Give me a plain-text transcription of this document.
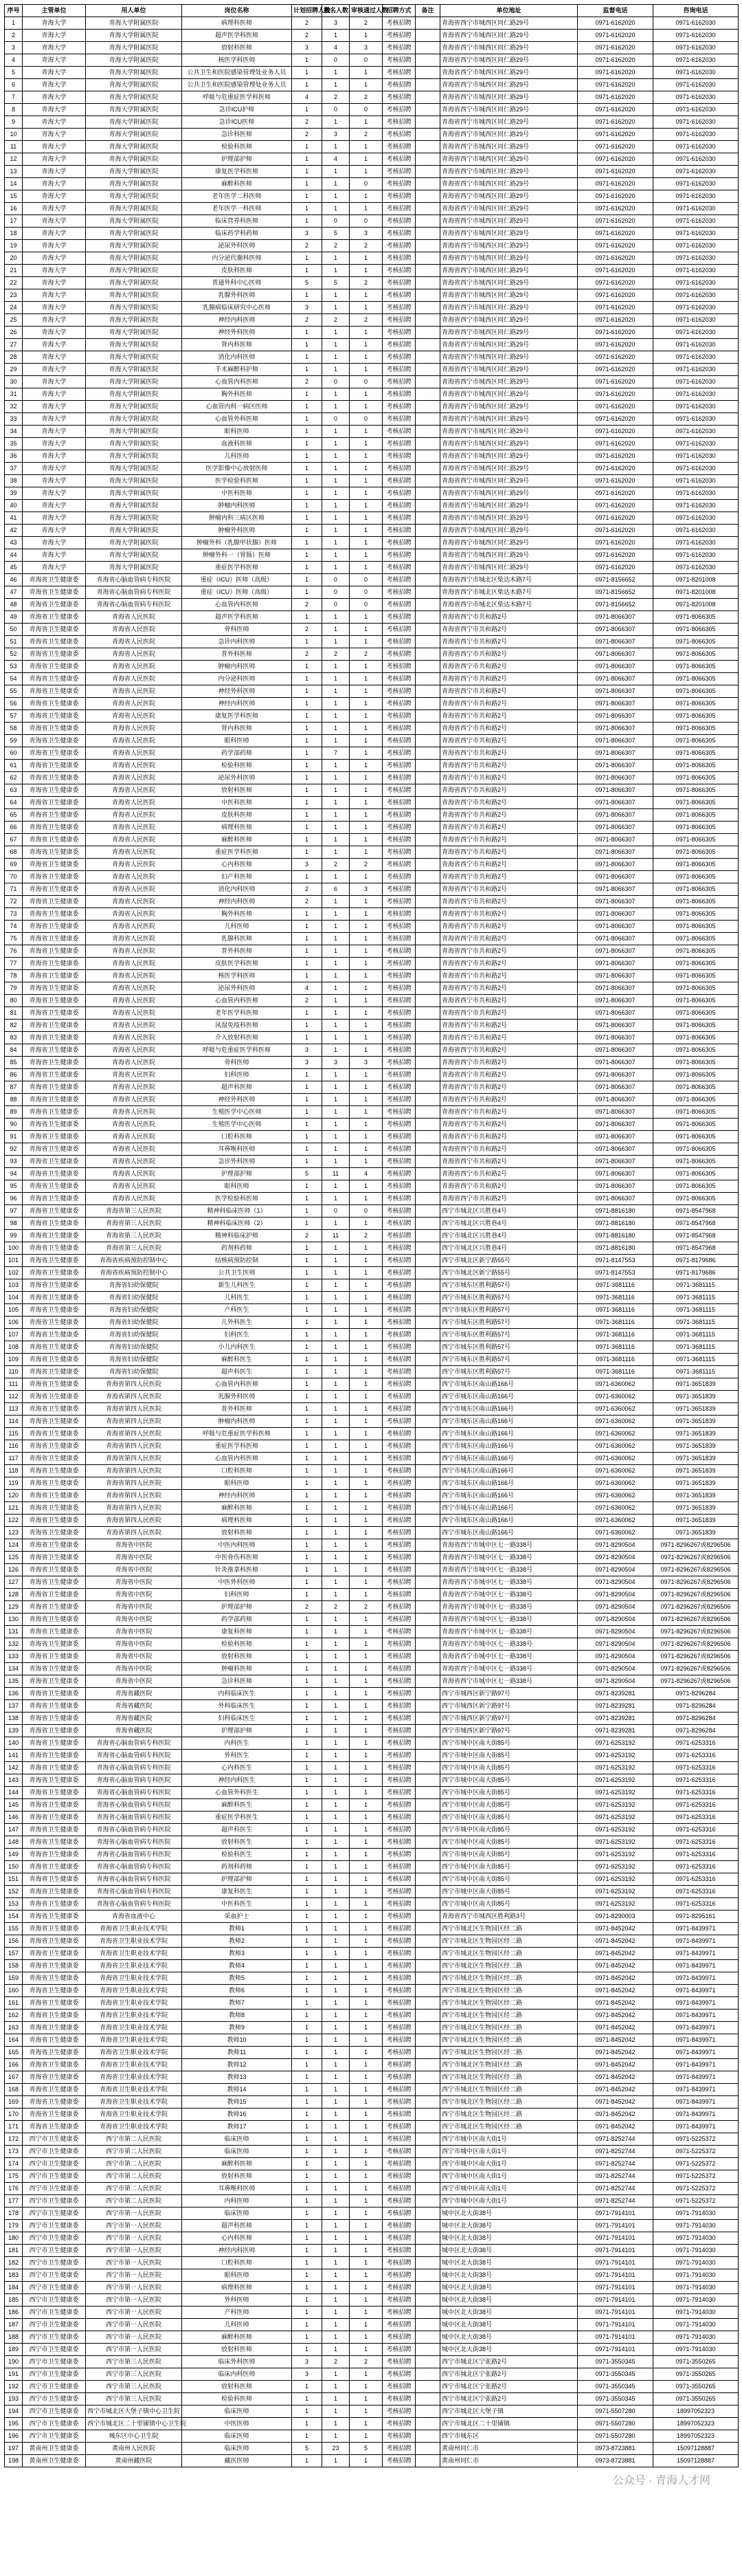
序号	主管单位	用人单位	岗位名称	计划招聘人数	报名人数	审核通过人数	招聘方式	备注	单位地址	监督电话	咨询电话
1	青海大学	青海大学附属医院	病理科医师	2	3	2	考核招聘		青海省西宁市城西区同仁路29号	0971-6162020	0971-6162030
2	青海大学	青海大学附属医院	超声医学科医师	2	1	1	考核招聘		青海省西宁市城西区同仁路29号	0971-6162020	0971-6162030
3	青海大学	青海大学附属医院	放射科医师	3	4	3	考核招聘		青海省西宁市城西区同仁路29号	0971-6162020	0971-6162030
4	青海大学	青海大学附属医院	核医学科医师	1	0	0	考核招聘		青海省西宁市城西区同仁路29号	0971-6162020	0971-6162030
5	青海大学	青海大学附属医院	公共卫生和医院感染管理处业务人员	1	1	1	考核招聘		青海省西宁市城西区同仁路29号	0971-6162020	0971-6162030
6	青海大学	青海大学附属医院	公共卫生和医院感染管理处业务人员	1	1	1	考核招聘		青海省西宁市城西区同仁路29号	0971-6162020	0971-6162030
7	青海大学	青海大学附属医院	呼吸与危重症医学科医师	4	2	2	考核招聘		青海省西宁市城西区同仁路29号	0971-6162020	0971-6162030
8	青海大学	青海大学附属医院	急诊ICU护师	1	0	0	考核招聘		青海省西宁市城西区同仁路29号	0971-6162020	0971-6162030
9	青海大学	青海大学附属医院	急诊ICU医师	2	1	1	考核招聘		青海省西宁市城西区同仁路29号	0971-6162020	0971-6162030
10	青海大学	青海大学附属医院	急诊科医师	2	3	2	考核招聘		青海省西宁市城西区同仁路29号	0971-6162020	0971-6162030
11	青海大学	青海大学附属医院	检验科医师	1	1	1	考核招聘		青海省西宁市城西区同仁路29号	0971-6162020	0971-6162030
12	青海大学	青海大学附属医院	护理部护师	1	4	1	考核招聘		青海省西宁市城西区同仁路29号	0971-6162020	0971-6162030
13	青海大学	青海大学附属医院	康复医学科医师	1	1	1	考核招聘		青海省西宁市城西区同仁路29号	0971-6162020	0971-6162030
14	青海大学	青海大学附属医院	麻醉科医师	1	1	0	考核招聘		青海省西宁市城西区同仁路29号	0971-6162020	0971-6162030
15	青海大学	青海大学附属医院	老年医学二科医师	1	1	1	考核招聘		青海省西宁市城西区同仁路29号	0971-6162020	0971-6162030
16	青海大学	青海大学附属医院	老年医学一科医师	1	1	1	考核招聘		青海省西宁市城西区同仁路29号	0971-6162020	0971-6162030
17	青海大学	青海大学附属医院	临床营养科医师	1	0	0	考核招聘		青海省西宁市城西区同仁路29号	0971-6162020	0971-6162030
18	青海大学	青海大学附属医院	临床药学科药师	3	5	3	考核招聘		青海省西宁市城西区同仁路29号	0971-6162020	0971-6162030
19	青海大学	青海大学附属医院	泌尿外科医师	2	2	2	考核招聘		青海省西宁市城西区同仁路29号	0971-6162020	0971-6162030
20	青海大学	青海大学附属医院	内分泌代谢科医师	1	1	1	考核招聘		青海省西宁市城西区同仁路29号	0971-6162020	0971-6162030
21	青海大学	青海大学附属医院	皮肤科医师	1	1	1	考核招聘		青海省西宁市城西区同仁路29号	0971-6162020	0971-6162030
22	青海大学	青海大学附属医院	普通外科中心医师	5	5	2	考核招聘		青海省西宁市城西区同仁路29号	0971-6162020	0971-6162030
23	青海大学	青海大学附属医院	乳腺外科医师	1	1	1	考核招聘		青海省西宁市城西区同仁路29号	0971-6162020	0971-6162030
24	青海大学	青海大学附属医院	乳腺病临床研究中心医师	3	1	1	考核招聘		青海省西宁市城西区同仁路29号	0971-6162020	0971-6162030
25	青海大学	青海大学附属医院	神经内科医师	2	2	2	考核招聘		青海省西宁市城西区同仁路29号	0971-6162020	0971-6162030
26	青海大学	青海大学附属医院	神经外科医师	1	1	1	考核招聘		青海省西宁市城西区同仁路29号	0971-6162020	0971-6162030
27	青海大学	青海大学附属医院	肾内科医师	1	1	1	考核招聘		青海省西宁市城西区同仁路29号	0971-6162020	0971-6162030
28	青海大学	青海大学附属医院	消化内科医师	1	1	1	考核招聘		青海省西宁市城西区同仁路29号	0971-6162020	0971-6162030
29	青海大学	青海大学附属医院	手术麻醉科护师	1	1	1	考核招聘		青海省西宁市城西区同仁路29号	0971-6162020	0971-6162030
30	青海大学	青海大学附属医院	心血管内科医师	2	0	0	考核招聘		青海省西宁市城西区同仁路29号	0971-6162020	0971-6162030
31	青海大学	青海大学附属医院	胸外科医师	1	1	1	考核招聘		青海省西宁市城西区同仁路29号	0971-6162020	0971-6162030
32	青海大学	青海大学附属医院	心血管内科一病区医师	1	1	1	考核招聘		青海省西宁市城西区同仁路29号	0971-6162020	0971-6162030
33	青海大学	青海大学附属医院	心血管外科医师	1	0	0	考核招聘		青海省西宁市城西区同仁路29号	0971-6162020	0971-6162030
34	青海大学	青海大学附属医院	眼科医师	1	1	1	考核招聘		青海省西宁市城西区同仁路29号	0971-6162020	0971-6162030
35	青海大学	青海大学附属医院	血液科医师	1	1	1	考核招聘		青海省西宁市城西区同仁路29号	0971-6162020	0971-6162030
36	青海大学	青海大学附属医院	儿科医师	1	1	1	考核招聘		青海省西宁市城西区同仁路29号	0971-6162020	0971-6162030
37	青海大学	青海大学附属医院	医学影像中心放射医师	1	1	1	考核招聘		青海省西宁市城西区同仁路29号	0971-6162020	0971-6162030
38	青海大学	青海大学附属医院	医学检验科医师	1	1	1	考核招聘		青海省西宁市城西区同仁路29号	0971-6162020	0971-6162030
39	青海大学	青海大学附属医院	中医科医师	1	1	1	考核招聘		青海省西宁市城西区同仁路29号	0971-6162020	0971-6162030
40	青海大学	青海大学附属医院	肿瘤内科医师	1	1	1	考核招聘		青海省西宁市城西区同仁路29号	0971-6162020	0971-6162030
41	青海大学	青海大学附属医院	肿瘤内科三病区医师	1	1	1	考核招聘		青海省西宁市城西区同仁路29号	0971-6162020	0971-6162030
42	青海大学	青海大学附属医院	肿瘤外科医师	1	1	1	考核招聘		青海省西宁市城西区同仁路29号	0971-6162020	0971-6162030
43	青海大学	青海大学附属医院	肿瘤外科（乳腺甲状腺）医师	1	1	1	考核招聘		青海省西宁市城西区同仁路29号	0971-6162020	0971-6162030
44	青海大学	青海大学附属医院	肿瘤外科一（胃肠）医师	1	1	1	考核招聘		青海省西宁市城西区同仁路29号	0971-6162020	0971-6162030
45	青海大学	青海大学附属医院	重症医学科医师	1	1	1	考核招聘		青海省西宁市城西区同仁路29号	0971-6162020	0971-6162030
46	青海省卫生健康委	青海省心脑血管病专科医院	重症（ICU）医师（高级）	1	0	0	考核招聘		青海省西宁市城北区柴达木路7号	0971-8156652	0971-8201008
47	青海省卫生健康委	青海省心脑血管病专科医院	重症（ICU）医师（高级）	1	0	0	考核招聘		青海省西宁市城北区柴达木路7号	0971-8156652	0971-8201008
48	青海省卫生健康委	青海省心脑血管病专科医院	心血管内科医师	2	0	0	考核招聘		青海省西宁市城北区柴达木路7号	0971-8156652	0971-8201008
49	青海省卫生健康委	青海省人民医院	超声医学科医师	1	1	1	考核招聘		青海省西宁市共和路2号	0971-8066307	0971-8066305
50	青海省卫生健康委	青海省人民医院	骨科医师	2	1	1	考核招聘		青海省西宁市共和路2号	0971-8066307	0971-8066305
51	青海省卫生健康委	青海省人民医院	急诊内科医师	1	1	1	考核招聘		青海省西宁市共和路2号	0971-8066307	0971-8066305
52	青海省卫生健康委	青海省人民医院	普外科医师	2	2	2	考核招聘		青海省西宁市共和路2号	0971-8066307	0971-8066305
53	青海省卫生健康委	青海省人民医院	肿瘤内科医师	1	1	1	考核招聘		青海省西宁市共和路2号	0971-8066307	0971-8066305
54	青海省卫生健康委	青海省人民医院	内分泌科医师	1	1	1	考核招聘		青海省西宁市共和路2号	0971-8066307	0971-8066305
55	青海省卫生健康委	青海省人民医院	神经外科医师	1	1	1	考核招聘		青海省西宁市共和路2号	0971-8066307	0971-8066305
56	青海省卫生健康委	青海省人民医院	神经内科医师	1	1	1	考核招聘		青海省西宁市共和路2号	0971-8066307	0971-8066305
57	青海省卫生健康委	青海省人民医院	康复医学科医师	1	1	1	考核招聘		青海省西宁市共和路2号	0971-8066307	0971-8066305
58	青海省卫生健康委	青海省人民医院	肾内科医师	1	1	1	考核招聘		青海省西宁市共和路2号	0971-8066307	0971-8066305
59	青海省卫生健康委	青海省人民医院	眼科医师	1	1	1	考核招聘		青海省西宁市共和路2号	0971-8066307	0971-8066305
60	青海省卫生健康委	青海省人民医院	药学部药师	1	7	1	考核招聘		青海省西宁市共和路2号	0971-8066307	0971-8066305
61	青海省卫生健康委	青海省人民医院	检验科医师	1	1	1	考核招聘		青海省西宁市共和路2号	0971-8066307	0971-8066305
62	青海省卫生健康委	青海省人民医院	泌尿外科医师	1	1	1	考核招聘		青海省西宁市共和路2号	0971-8066307	0971-8066305
63	青海省卫生健康委	青海省人民医院	放射科医师	1	1	1	考核招聘		青海省西宁市共和路2号	0971-8066307	0971-8066305
64	青海省卫生健康委	青海省人民医院	中医科医师	1	1	1	考核招聘		青海省西宁市共和路2号	0971-8066307	0971-8066305
65	青海省卫生健康委	青海省人民医院	皮肤科医师	1	1	1	考核招聘		青海省西宁市共和路2号	0971-8066307	0971-8066305
66	青海省卫生健康委	青海省人民医院	病理科医师	1	1	1	考核招聘		青海省西宁市共和路2号	0971-8066307	0971-8066305
67	青海省卫生健康委	青海省人民医院	麻醉科医师	1	1	1	考核招聘		青海省西宁市共和路2号	0971-8066307	0971-8066305
68	青海省卫生健康委	青海省人民医院	重症医学科医师	1	1	1	考核招聘		青海省西宁市共和路2号	0971-8066307	0971-8066305
69	青海省卫生健康委	青海省人民医院	心内科医师	3	2	2	考核招聘		青海省西宁市共和路2号	0971-8066307	0971-8066305
70	青海省卫生健康委	青海省人民医院	妇产科医师	1	1	1	考核招聘		青海省西宁市共和路2号	0971-8066307	0971-8066305
71	青海省卫生健康委	青海省人民医院	消化内科医师	2	6	3	考核招聘		青海省西宁市共和路2号	0971-8066307	0971-8066305
72	青海省卫生健康委	青海省人民医院	神经内科医师	2	1	1	考核招聘		青海省西宁市共和路2号	0971-8066307	0971-8066305
73	青海省卫生健康委	青海省人民医院	胸外科医师	1	1	1	考核招聘		青海省西宁市共和路2号	0971-8066307	0971-8066305
74	青海省卫生健康委	青海省人民医院	儿科医师	1	1	1	考核招聘		青海省西宁市共和路2号	0971-8066307	0971-8066305
75	青海省卫生健康委	青海省人民医院	乳腺科医师	1	1	1	考核招聘		青海省西宁市共和路2号	0971-8066307	0971-8066305
76	青海省卫生健康委	青海省人民医院	普外科医师	1	1	1	考核招聘		青海省西宁市共和路2号	0971-8066307	0971-8066305
77	青海省卫生健康委	青海省人民医院	皮肤医学科医师	1	1	1	考核招聘		青海省西宁市共和路2号	0971-8066307	0971-8066305
78	青海省卫生健康委	青海省人民医院	核医学科医师	1	1	1	考核招聘		青海省西宁市共和路2号	0971-8066307	0971-8066305
79	青海省卫生健康委	青海省人民医院	泌尿外科医师	4	1	1	考核招聘		青海省西宁市共和路2号	0971-8066307	0971-8066305
80	青海省卫生健康委	青海省人民医院	心血管内科医师	2	1	1	考核招聘		青海省西宁市共和路2号	0971-8066307	0971-8066305
81	青海省卫生健康委	青海省人民医院	老年医学科医师	1	1	1	考核招聘		青海省西宁市共和路2号	0971-8066307	0971-8066305
82	青海省卫生健康委	青海省人民医院	风湿免疫科医师	1	1	1	考核招聘		青海省西宁市共和路2号	0971-8066307	0971-8066305
83	青海省卫生健康委	青海省人民医院	介入放射科医师	1	1	1	考核招聘		青海省西宁市共和路2号	0971-8066307	0971-8066305
84	青海省卫生健康委	青海省人民医院	呼吸与危重症医学科医师	3	1	1	考核招聘		青海省西宁市共和路2号	0971-8066307	0971-8066305
85	青海省卫生健康委	青海省人民医院	骨科医师	3	3	3	考核招聘		青海省西宁市共和路2号	0971-8066307	0971-8066305
86	青海省卫生健康委	青海省人民医院	妇科医师	1	1	1	考核招聘		青海省西宁市共和路2号	0971-8066307	0971-8066305
87	青海省卫生健康委	青海省人民医院	超声科医师	1	1	1	考核招聘		青海省西宁市共和路2号	0971-8066307	0971-8066305
88	青海省卫生健康委	青海省人民医院	神经外科医师	1	1	1	考核招聘		青海省西宁市共和路2号	0971-8066307	0971-8066305
89	青海省卫生健康委	青海省人民医院	生殖医学中心医师	1	1	1	考核招聘		青海省西宁市共和路2号	0971-8066307	0971-8066305
90	青海省卫生健康委	青海省人民医院	生殖医学中心医师	1	1	1	考核招聘		青海省西宁市共和路2号	0971-8066307	0971-8066305
91	青海省卫生健康委	青海省人民医院	口腔科医师	1	1	1	考核招聘		青海省西宁市共和路2号	0971-8066307	0971-8066305
92	青海省卫生健康委	青海省人民医院	耳鼻喉科医师	1	1	1	考核招聘		青海省西宁市共和路2号	0971-8066307	0971-8066305
93	青海省卫生健康委	青海省人民医院	急诊外科医师	1	1	1	考核招聘		青海省西宁市共和路2号	0971-8066307	0971-8066305
94	青海省卫生健康委	青海省人民医院	护理部护师	5	11	4	考核招聘		青海省西宁市共和路2号	0971-8066307	0971-8066305
95	青海省卫生健康委	青海省人民医院	眼科医师	1	1	1	考核招聘		青海省西宁市共和路2号	0971-8066307	0971-8066305
96	青海省卫生健康委	青海省人民医院	医学检验科医师	1	1	1	考核招聘		青海省西宁市共和路2号	0971-8066307	0971-8066305
97	青海省卫生健康委	青海省第三人民医院	精神科临床医师（1）	1	0	0	考核招聘		西宁市城北区兴胜巷4号	0971-8816180	0971-8547968
98	青海省卫生健康委	青海省第三人民医院	精神科临床医师（2）	1	1	1	考核招聘		西宁市城北区兴胜巷4号	0971-8816180	0971-8547968
99	青海省卫生健康委	青海省第三人民医院	精神科临床护师	2	11	2	考核招聘		西宁市城北区兴胜巷4号	0971-8816180	0971-8547968
100	青海省卫生健康委	青海省第三人民医院	药剂科药师	1	1	1	考核招聘		西宁市城北区兴胜巷4号	0971-8816180	0971-8547968
101	青海省卫生健康委	青海省疾病预防控制中心	结核病预防控制	1	1	1	考核招聘		西宁市城北区新宁路55号	0971-8147553	0971-8179686
102	青海省卫生健康委	青海省疾病预防控制中心	公共卫生医师	1	1	1	考核招聘		西宁市城北区新宁路55号	0971-8147553	0971-8179686
103	青海省卫生健康委	青海省妇幼保健院	新生儿科医生	1	1	1	考核招聘		西宁市城东区胜利路57号	0971-3681116	0971-3681115
104	青海省卫生健康委	青海省妇幼保健院	儿科医生	1	1	1	考核招聘		西宁市城东区胜利路57号	0971-3681116	0971-3681115
105	青海省卫生健康委	青海省妇幼保健院	产科医生	1	1	1	考核招聘		西宁市城东区胜利路57号	0971-3681116	0971-3681115
106	青海省卫生健康委	青海省妇幼保健院	儿外科医生	1	1	1	考核招聘		西宁市城东区胜利路57号	0971-3681116	0971-3681115
107	青海省卫生健康委	青海省妇幼保健院	妇科医生	1	1	1	考核招聘		西宁市城东区胜利路57号	0971-3681116	0971-3681115
108	青海省卫生健康委	青海省妇幼保健院	小儿内科医生	1	1	1	考核招聘		西宁市城东区胜利路57号	0971-3681116	0971-3681115
109	青海省卫生健康委	青海省妇幼保健院	麻醉科医生	1	1	1	考核招聘		西宁市城东区胜利路57号	0971-3681116	0971-3681115
110	青海省卫生健康委	青海省妇幼保健院	超声科医生	1	1	1	考核招聘		西宁市城东区胜利路57号	0971-3681116	0971-3681115
111	青海省卫生健康委	青海省第四人民医院	心血管内科医师	1	1	1	考核招聘		西宁市城东区南山路166号	0971-6360062	0971-3651839
112	青海省卫生健康委	青海省第四人民医院	乳腺外科医师	1	1	1	考核招聘		西宁市城东区南山路166号	0971-6360062	0971-3651839
113	青海省卫生健康委	青海省第四人民医院	普外科医师	1	1	1	考核招聘		西宁市城东区南山路166号	0971-6360062	0971-3651839
114	青海省卫生健康委	青海省第四人民医院	肿瘤内科医师	1	1	1	考核招聘		西宁市城东区南山路166号	0971-6360062	0971-3651839
115	青海省卫生健康委	青海省第四人民医院	呼吸与危重症医学科医师	1	1	1	考核招聘		西宁市城东区南山路166号	0971-6360062	0971-3651839
116	青海省卫生健康委	青海省第四人民医院	重症医学科医师	1	1	1	考核招聘		西宁市城东区南山路166号	0971-6360062	0971-3651839
117	青海省卫生健康委	青海省第四人民医院	心血管内科医师	1	1	1	考核招聘		西宁市城东区南山路166号	0971-6360062	0971-3651839
118	青海省卫生健康委	青海省第四人民医院	口腔科医师	1	1	1	考核招聘		西宁市城东区南山路166号	0971-6360062	0971-3651839
119	青海省卫生健康委	青海省第四人民医院	眼科医师	1	1	1	考核招聘		西宁市城东区南山路166号	0971-6360062	0971-3651839
120	青海省卫生健康委	青海省第四人民医院	神经内科医师	1	1	1	考核招聘		西宁市城东区南山路166号	0971-6360062	0971-3651839
121	青海省卫生健康委	青海省第四人民医院	麻醉科医师	1	1	1	考核招聘		西宁市城东区南山路166号	0971-6360062	0971-3651839
122	青海省卫生健康委	青海省第四人民医院	病理科医师	1	1	1	考核招聘		西宁市城东区南山路166号	0971-6360062	0971-3651839
123	青海省卫生健康委	青海省第四人民医院	放射科医师	1	1	1	考核招聘		西宁市城东区南山路166号	0971-6360062	0971-3651839
124	青海省卫生健康委	青海省中医院	中医内科医师	1	1	1	考核招聘		青海省西宁市城中区七一路338号	0971-8290504	0971-8296267或8296506
125	青海省卫生健康委	青海省中医院	中医骨伤科医师	1	1	1	考核招聘		青海省西宁市城中区七一路338号	0971-8290504	0971-8296267或8296506
126	青海省卫生健康委	青海省中医院	针灸推拿科医师	1	1	1	考核招聘		青海省西宁市城中区七一路338号	0971-8290504	0971-8296267或8296506
127	青海省卫生健康委	青海省中医院	中医外科医师	1	1	1	考核招聘		青海省西宁市城中区七一路338号	0971-8290504	0971-8296267或8296506
128	青海省卫生健康委	青海省中医院	妇科医师	1	1	1	考核招聘		青海省西宁市城中区七一路338号	0971-8290504	0971-8296267或8296506
129	青海省卫生健康委	青海省中医院	护理部护师	2	2	2	考核招聘		青海省西宁市城中区七一路338号	0971-8290504	0971-8296267或8296506
130	青海省卫生健康委	青海省中医院	药学部药师	1	1	1	考核招聘		青海省西宁市城中区七一路338号	0971-8290504	0971-8296267或8296506
131	青海省卫生健康委	青海省中医院	康复科医师	1	1	1	考核招聘		青海省西宁市城中区七一路338号	0971-8290504	0971-8296267或8296506
132	青海省卫生健康委	青海省中医院	检验科医师	1	1	1	考核招聘		青海省西宁市城中区七一路338号	0971-8290504	0971-8296267或8296506
133	青海省卫生健康委	青海省中医院	放射科医师	1	1	1	考核招聘		青海省西宁市城中区七一路338号	0971-8290504	0971-8296267或8296506
134	青海省卫生健康委	青海省中医院	肿瘤科医师	1	1	1	考核招聘		青海省西宁市城中区七一路338号	0971-8290504	0971-8296267或8296506
135	青海省卫生健康委	青海省中医院	急诊科医师	1	1	1	考核招聘		青海省西宁市城中区七一路338号	0971-8290504	0971-8296267或8296506
136	青海省卫生健康委	青海省藏医院	内科临床医生	1	1	1	考核招聘		西宁市城西区新宁路97号	0971-8239281	0971-8296284
137	青海省卫生健康委	青海省藏医院	外科临床医生	1	1	1	考核招聘		西宁市城西区新宁路97号	0971-8239281	0971-8296284
138	青海省卫生健康委	青海省藏医院	妇科临床医生	1	1	1	考核招聘		西宁市城西区新宁路97号	0971-8239281	0971-8296284
139	青海省卫生健康委	青海省藏医院	护理部护师	1	1	1	考核招聘		西宁市城西区新宁路97号	0971-8239281	0971-8296284
140	青海省卫生健康委	青海省心脑血管病专科医院	内科医生	1	1	1	考核招聘		西宁市城中区南大街85号	0971-6253192	0971-6253316
141	青海省卫生健康委	青海省心脑血管病专科医院	外科医生	1	1	1	考核招聘		西宁市城中区南大街85号	0971-6253192	0971-6253316
142	青海省卫生健康委	青海省心脑血管病专科医院	心内科医生	1	1	1	考核招聘		西宁市城中区南大街85号	0971-6253192	0971-6253316
143	青海省卫生健康委	青海省心脑血管病专科医院	神经内科医生	1	1	1	考核招聘		西宁市城中区南大街85号	0971-6253192	0971-6253316
144	青海省卫生健康委	青海省心脑血管病专科医院	心血管外科医生	1	1	1	考核招聘		西宁市城中区南大街85号	0971-6253192	0971-6253316
145	青海省卫生健康委	青海省心脑血管病专科医院	麻醉科医生	1	1	1	考核招聘		西宁市城中区南大街85号	0971-6253192	0971-6253316
146	青海省卫生健康委	青海省心脑血管病专科医院	重症医学科医生	1	1	1	考核招聘		西宁市城中区南大街85号	0971-6253192	0971-6253316
147	青海省卫生健康委	青海省心脑血管病专科医院	超声科医生	1	1	1	考核招聘		西宁市城中区南大街85号	0971-6253192	0971-6253316
148	青海省卫生健康委	青海省心脑血管病专科医院	放射科医生	1	1	1	考核招聘		西宁市城中区南大街85号	0971-6253192	0971-6253316
149	青海省卫生健康委	青海省心脑血管病专科医院	检验科医生	1	1	1	考核招聘		西宁市城中区南大街85号	0971-6253192	0971-6253316
150	青海省卫生健康委	青海省心脑血管病专科医院	药剂科药师	1	1	1	考核招聘		西宁市城中区南大街85号	0971-6253192	0971-6253316
151	青海省卫生健康委	青海省心脑血管病专科医院	护理部护师	1	1	1	考核招聘		西宁市城中区南大街85号	0971-6253192	0971-6253316
152	青海省卫生健康委	青海省心脑血管病专科医院	康复科医生	1	1	1	考核招聘		西宁市城中区南大街85号	0971-6253192	0971-6253316
153	青海省卫生健康委	青海省心脑血管病专科医院	中医科医生	1	1	1	考核招聘		西宁市城中区南大街85号	0971-6253192	0971-6253316
154	青海省卫生健康委	青海省血液中心	采血护士	1	1	1	考核招聘		青海省西宁市城西区胜利路3号	0971-8290003	0971-8295161
155	青海省卫生健康委	青海省卫生职业技术学院	教师1	1	1	1	考核招聘		西宁市城北区生物园区经二路	0971-8452042	0971-8439971
156	青海省卫生健康委	青海省卫生职业技术学院	教师2	1	1	1	考核招聘		西宁市城北区生物园区经二路	0971-8452042	0971-8439971
157	青海省卫生健康委	青海省卫生职业技术学院	教师3	1	1	1	考核招聘		西宁市城北区生物园区经二路	0971-8452042	0971-8439971
158	青海省卫生健康委	青海省卫生职业技术学院	教师4	1	1	1	考核招聘		西宁市城北区生物园区经二路	0971-8452042	0971-8439971
159	青海省卫生健康委	青海省卫生职业技术学院	教师5	1	1	1	考核招聘		西宁市城北区生物园区经二路	0971-8452042	0971-8439971
160	青海省卫生健康委	青海省卫生职业技术学院	教师6	1	1	1	考核招聘		西宁市城北区生物园区经二路	0971-8452042	0971-8439971
161	青海省卫生健康委	青海省卫生职业技术学院	教师7	1	1	1	考核招聘		西宁市城北区生物园区经二路	0971-8452042	0971-8439971
162	青海省卫生健康委	青海省卫生职业技术学院	教师8	1	1	1	考核招聘		西宁市城北区生物园区经二路	0971-8452042	0971-8439971
163	青海省卫生健康委	青海省卫生职业技术学院	教师9	1	1	1	考核招聘		西宁市城北区生物园区经二路	0971-8452042	0971-8439971
164	青海省卫生健康委	青海省卫生职业技术学院	教师10	1	1	1	考核招聘		西宁市城北区生物园区经二路	0971-8452042	0971-8439971
165	青海省卫生健康委	青海省卫生职业技术学院	教师11	1	1	1	考核招聘		西宁市城北区生物园区经二路	0971-8452042	0971-8439971
166	青海省卫生健康委	青海省卫生职业技术学院	教师12	1	1	1	考核招聘		西宁市城北区生物园区经二路	0971-8452042	0971-8439971
167	青海省卫生健康委	青海省卫生职业技术学院	教师13	1	1	1	考核招聘		西宁市城北区生物园区经二路	0971-8452042	0971-8439971
168	青海省卫生健康委	青海省卫生职业技术学院	教师14	1	1	1	考核招聘		西宁市城北区生物园区经二路	0971-8452042	0971-8439971
169	青海省卫生健康委	青海省卫生职业技术学院	教师15	1	1	1	考核招聘		西宁市城北区生物园区经二路	0971-8452042	0971-8439971
170	青海省卫生健康委	青海省卫生职业技术学院	教师16	1	1	1	考核招聘		西宁市城北区生物园区经二路	0971-8452042	0971-8439971
171	青海省卫生健康委	青海省卫生职业技术学院	教师17	1	1	1	考核招聘		西宁市城北区生物园区经二路	0971-8452042	0971-8439971
172	西宁市卫生健康委	西宁市第二人民医院	临床医师	1	1	1	考核招聘		西宁市城中区南大街1号	0971-8252744	0971-5225372
173	西宁市卫生健康委	西宁市第二人民医院	临床医师	1	1	1	考核招聘		西宁市城中区南大街1号	0971-8252744	0971-5225372
174	西宁市卫生健康委	西宁市第二人民医院	麻醉科医师	1	1	1	考核招聘		西宁市城中区南大街1号	0971-8252744	0971-5225372
175	西宁市卫生健康委	西宁市第二人民医院	放射科医师	1	1	1	考核招聘		西宁市城中区南大街1号	0971-8252744	0971-5225372
176	西宁市卫生健康委	西宁市第二人民医院	耳鼻喉科医师	1	1	1	考核招聘		西宁市城中区南大街1号	0971-8252744	0971-5225372
177	西宁市卫生健康委	西宁市第二人民医院	内科医师	1	1	1	考核招聘		西宁市城中区南大街1号	0971-8252744	0971-5225372
178	西宁市卫生健康委	西宁市第一人民医院	临床医师	1	1	1	考核招聘		城中区北大街38号	0971-7914101	0971-7914030
179	西宁市卫生健康委	西宁市第一人民医院	超声科医师	1	1	1	考核招聘		城中区北大街38号	0971-7914101	0971-7914030
180	西宁市卫生健康委	西宁市第一人民医院	心内科医师	1	1	1	考核招聘		城中区北大街38号	0971-7914101	0971-7914030
181	西宁市卫生健康委	西宁市第一人民医院	神经内科医师	1	1	1	考核招聘		城中区北大街38号	0971-7914101	0971-7914030
182	西宁市卫生健康委	西宁市第一人民医院	口腔科医师	1	1	1	考核招聘		城中区北大街38号	0971-7914101	0971-7914030
183	西宁市卫生健康委	西宁市第一人民医院	眼科医师	1	1	1	考核招聘		城中区北大街38号	0971-7914101	0971-7914030
184	西宁市卫生健康委	西宁市第一人民医院	病理科医师	1	1	1	考核招聘		城中区北大街38号	0971-7914101	0971-7914030
185	西宁市卫生健康委	西宁市第一人民医院	外科医师	1	1	1	考核招聘		城中区北大街38号	0971-7914101	0971-7914030
186	西宁市卫生健康委	西宁市第一人民医院	产科医师	1	1	1	考核招聘		城中区北大街38号	0971-7914101	0971-7914030
187	西宁市卫生健康委	西宁市第一人民医院	儿科医师	1	1	1	考核招聘		城中区北大街38号	0971-7914101	0971-7914030
188	西宁市卫生健康委	西宁市第一人民医院	麻醉科医师	1	1	1	考核招聘		城中区北大街38号	0971-7914101	0971-7914030
189	西宁市卫生健康委	西宁市第一人民医院	放射科医师	1	1	1	考核招聘		城中区北大街38号	0971-7914101	0971-7914030
190	西宁市卫生健康委	西宁市第三人民医院	临床外科医师	3	2	2	考核招聘		西宁市城北区宁张路2号	0971-3550345	0971-3550265
191	西宁市卫生健康委	西宁市第三人民医院	临床内科医师	3	1	1	考核招聘		西宁市城北区宁张路2号	0971-3550345	0971-3550265
192	西宁市卫生健康委	西宁市第三人民医院	放射科医师	1	1	1	考核招聘		西宁市城北区宁张路2号	0971-3550345	0971-3550265
193	西宁市卫生健康委	西宁市第三人民医院	检验科医师	1	1	1	考核招聘		西宁市城北区宁张路2号	0971-3550345	0971-3550265
194	西宁市卫生健康委	西宁市城北区大堡子镇中心卫生院	临床医师	1	1	1	考核招聘		西宁市城北区大堡子镇	0971-5507280	18997052323
195	西宁市卫生健康委	西宁市城北区二十里铺镇中心卫生院	中医医师	1	1	1	考核招聘		西宁市城北区二十里铺镇	0971-5507280	18997052323
196	西宁市卫生健康委	城东区中心卫生院	临床医师	1	1	1	考核招聘		西宁市城东区	0971-5507280	18997052323
197	黄南州卫生健康委	黄南州人民医院	临床医师	5	23	5	考核招聘		黄南州同仁市	0973-8723881	15097128887
198	黄南州卫生健康委	黄南州藏医院	藏医医师	1	1	1	考核招聘		黄南州同仁市	0973-8723881	15097128887
公众号 · 青海人才网
